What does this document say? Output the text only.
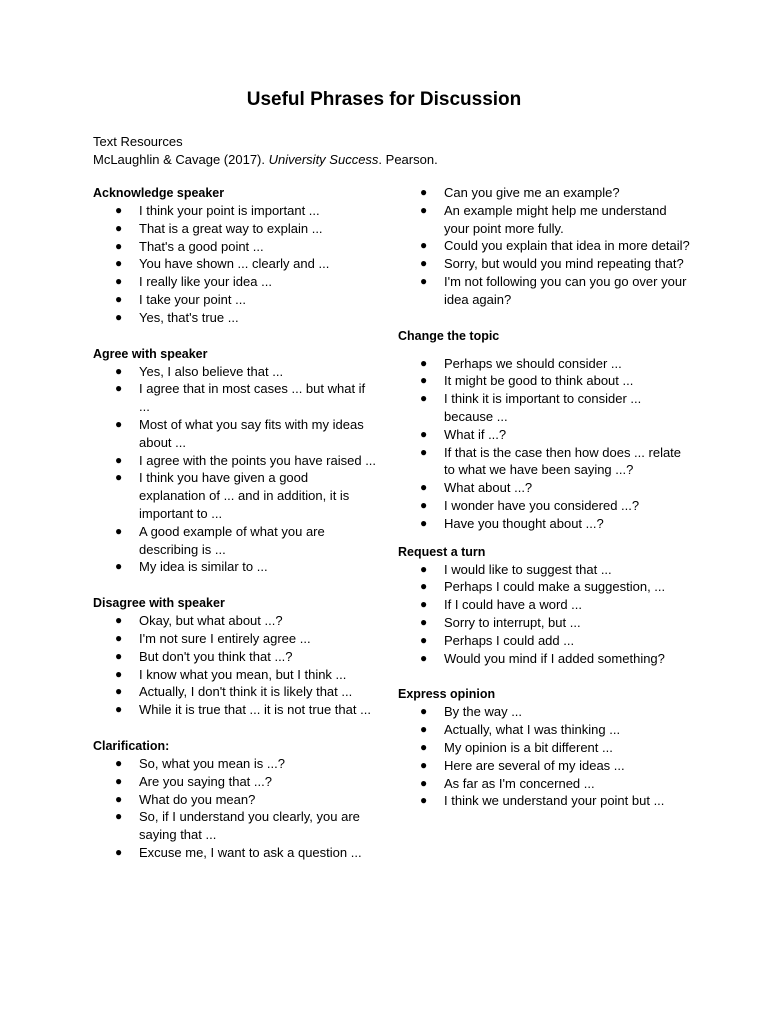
Useful Phrases for Discussion
Text Resources
McLaughlin & Cavage (2017). University Success. Pearson.
Acknowledge speaker
● I think your point is important ...
● That is a great way to explain ...
● That's a good point ...
● You have shown ... clearly and ...
● I really like your idea ...
● I take your point ...
● Yes, that's true ...
Agree with speaker
● Yes, I also believe that ...
● I agree that in most cases ... but what if ...
● Most of what you say fits with my ideas about ...
● I agree with the points you have raised ...
● I think you have given a good explanation of ... and in addition, it is important to ...
● A good example of what you are describing is ...
● My idea is similar to ...
Disagree with speaker
● Okay, but what about ...?
● I'm not sure I entirely agree ...
● But don't you think that ...?
● I know what you mean, but I think ...
● Actually, I don't think it is likely that ...
● While it is true that ... it is not true that ...
Clarification:
● So, what you mean is ...?
● Are you saying that ...?
● What do you mean?
● So, if I understand you clearly, you are saying that ...
● Excuse me, I want to ask a question ...
● Can you give me an example?
● An example might help me understand your point more fully.
● Could you explain that idea in more detail?
● Sorry, but would you mind repeating that?
● I'm not following you can you go over your idea again?
Change the topic
● Perhaps we should consider ...
● It might be good to think about ...
● I think it is important to consider ... because ...
● What if ...?
● If that is the case then how does ... relate to what we have been saying ...?
● What about ...?
● I wonder have you considered ...?
● Have you thought about ...?
Request a turn
● I would like to suggest that ...
● Perhaps I could make a suggestion, ...
● If I could have a word ...
● Sorry to interrupt, but ...
● Perhaps I could add ...
● Would you mind if I added something?
Express opinion
● By the way ...
● Actually, what I was thinking ...
● My opinion is a bit different ...
● Here are several of my ideas ...
● As far as I'm concerned ...
● I think we understand your point but ...
